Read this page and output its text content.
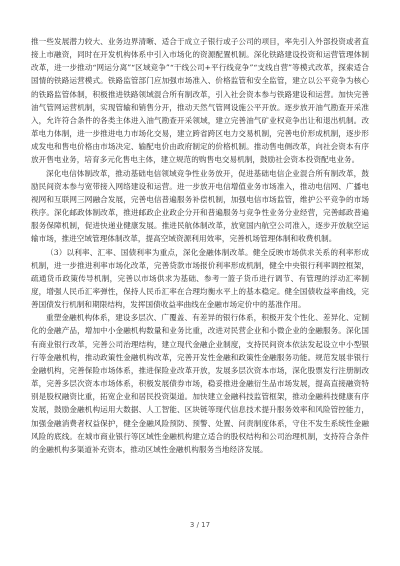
推一些发展潜力较大、业务边界清晰、适合于成立子银行或子公司的项目，率先引入外部投资或者直接上市融资，同时在开发机构体系中引入市场化的资源配置机制。深化铁路建设投资和运营管理体制改革，进一步推动“网运分离”“区域竞争”“干线公司+平行线竞争”“支线自营”等模式改革，探索适合国情的铁路运营模式。铁路监管部门应加强市场准入、价格监管和安全监管，建立以公平竞争为核心的铁路监管体制，积极推进铁路领域混合所有制改革，引入社会资本参与铁路建设和运营。加快完善油气管网运营机制，实现管输和销售分开，推动天然气管网设施公平开放。逐步放开油气勘查开采准入，允许符合条件的各类主体进入油气勘查开采领域，建立完善油气矿业权竞争出让和退出机制。改革电力体制，进一步推进电力市场化交易，建立跨省跨区电力交易机制，完善电价形成机制，逐步形成发电和售电价格由市场决定、输配电价由政府制定的价格机制。推动售电侧改革，向社会资本有序放开售电业务，培育多元化售电主体，建立规范的购售电交易机制，鼓励社会资本投资配电业务。

深化电信体制改革，推动基础电信领域竞争性业务放开，促进基础电信企业混合所有制改革，鼓励民间资本参与宽带接入网络建设和运营。进一步放开电信增值业务市场准入，推动电信网、广播电视网和互联网三网融合发展，完善电信普遍服务补偿机制，加强电信市场监管，维护公平竞争的市场秩序。深化邮政体制改革，推进邮政企业政企分开和普遍服务与竞争性业务分业经营，完善邮政普遍服务保障机制，促进快递业健康发展。推进民航体制改革，放宽国内航空公司准入，逐步开放航空运输市场，推进空域管理体制改革，提高空域资源利用效率，完善机场管理体制和收费机制。

（3）以利率、汇率、国债利率为重点，深化金融体制改革。健全反映市场供求关系的利率形成机制，进一步推进利率市场化改革，完善贷款市场报价利率形成机制，健全中央银行利率调控框架，疏通货币政策传导机制，完善以市场供求为基础、参考一篮子货币进行调节、有管理的浮动汇率制度，增强人民币汇率弹性，保持人民币汇率在合理均衡水平上的基本稳定。健全国债收益率曲线，完善国债发行机制和期限结构，发挥国债收益率曲线在金融市场定价中的基准作用。

重塑金融机构体系，建设多层次、广覆盖、有差异的银行体系，积极开发个性化、差异化、定制化的金融产品，增加中小金融机构数量和业务比重，改进对民营企业和小微企业的金融服务。深化国有商业银行改革，完善公司治理结构，建立现代金融企业制度，支持民间资本依法发起设立中小型银行等金融机构，推动政策性金融机构改革，完善开发性金融和政策性金融服务功能。规范发展非银行金融机构，完善保险市场体系，推进保险业改革开放，发展多层次资本市场，深化股票发行注册制改革，完善多层次资本市场体系，积极发展债券市场，稳妥推进金融衍生品市场发展，提高直接融资特别是股权融资比重，拓宽企业和居民投资渠道。加快建立金融科技监管框架，推动金融科技健康有序发展，鼓励金融机构运用大数据、人工智能、区块链等现代信息技术提升服务效率和风险管控能力，加强金融消费者权益保护，健全金融风险预防、预警、处置、问责制度体系，守住不发生系统性金融风险的底线。在城市商业银行等区域性金融机构建立适合的股权结构和公司治理机制，支持符合条件的金融机构多渠道补充资本，推动区域性金融机构服务当地经济发展。

3 / 17
